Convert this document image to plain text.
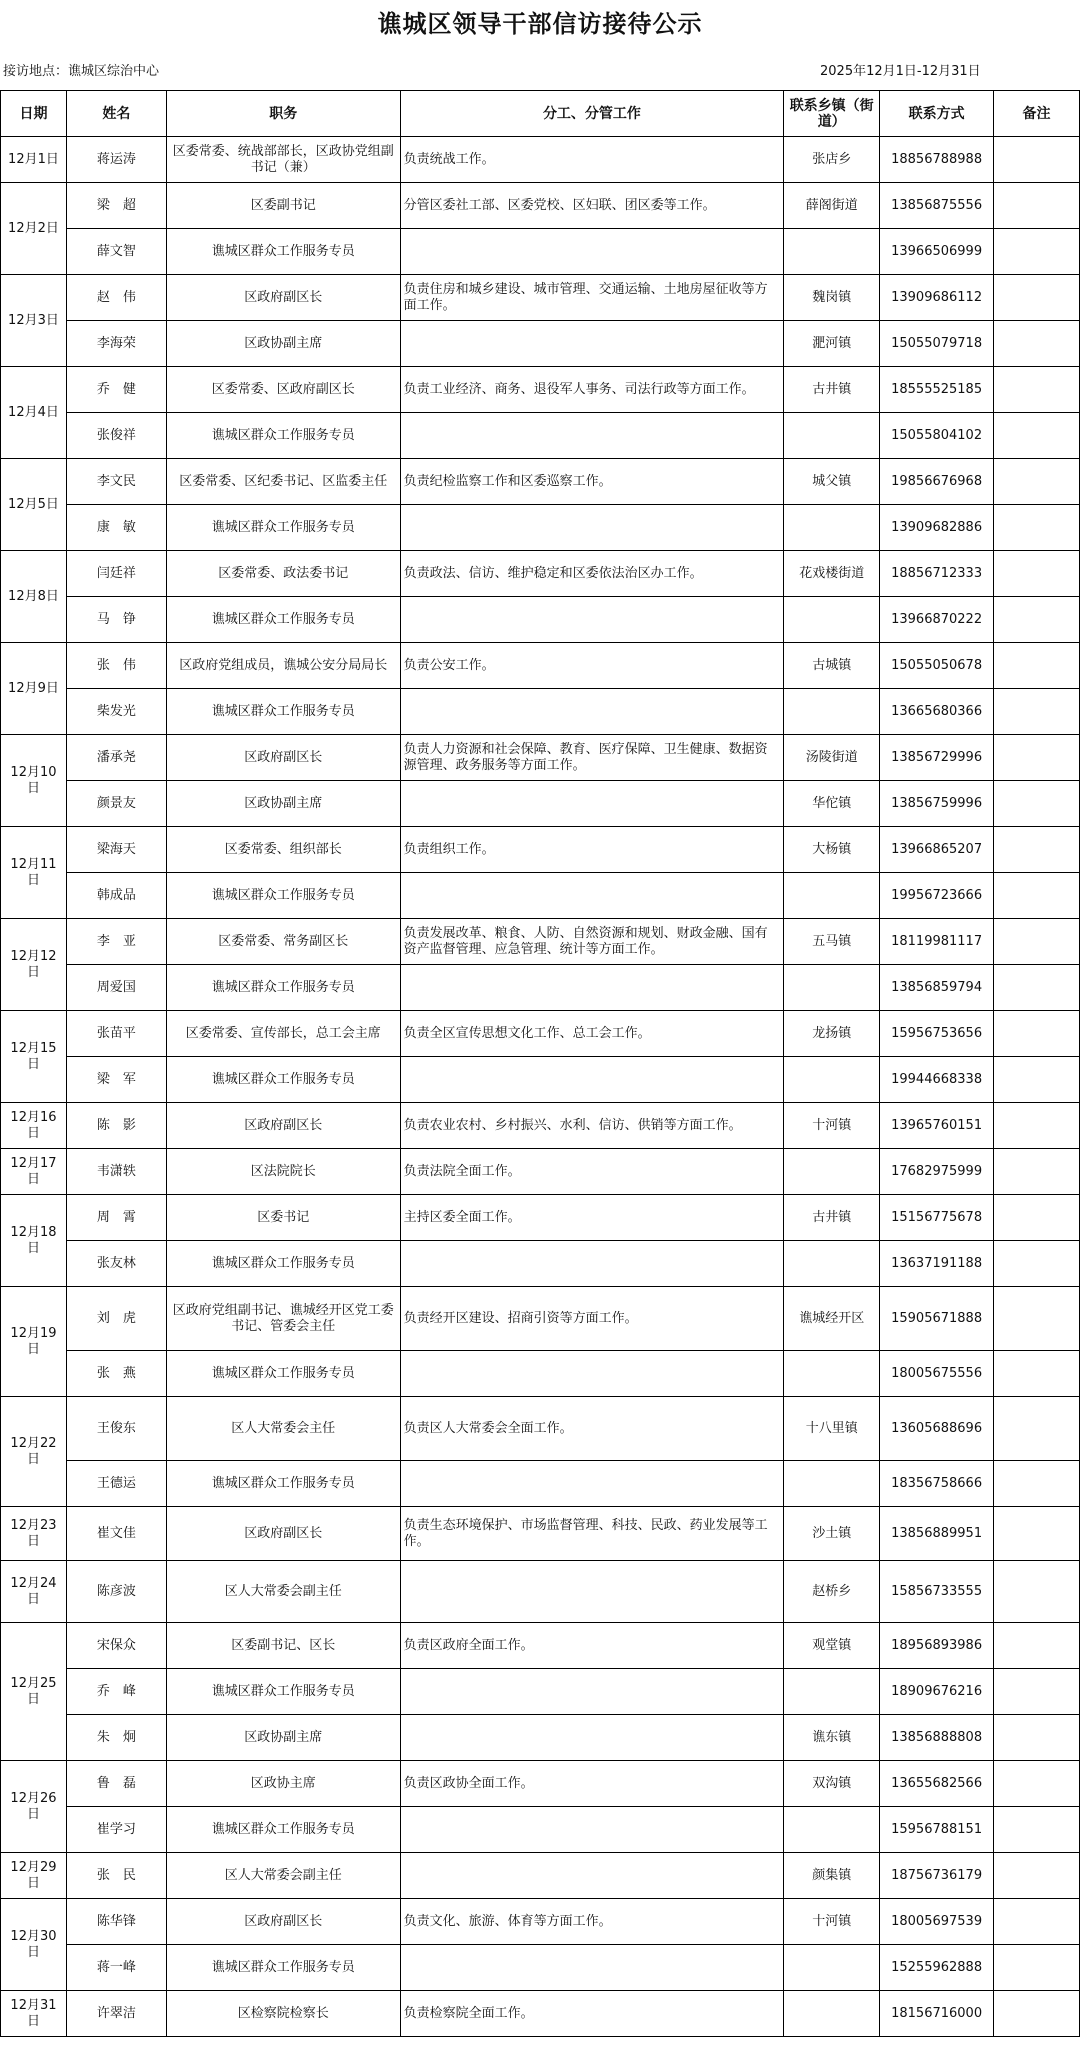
谯城区领导干部信访接待公示
接访地点：谯城区综治中心	2025年12月1日-12月31日
日期	姓名	职务	分工、分管工作	联系乡镇（街道）	联系方式	备注
12月1日	蒋运涛	区委常委、统战部部长，区政协党组副书记（兼）	负责统战工作。	张店乡	18856788988	
12月2日	梁　超	区委副书记	分管区委社工部、区委党校、区妇联、团区委等工作。	薛阁街道	13856875556	
	薛文智	谯城区群众工作服务专员			13966506999	
12月3日	赵　伟	区政府副区长	负责住房和城乡建设、城市管理、交通运输、土地房屋征收等方面工作。	魏岗镇	13909686112	
	李海荣	区政协副主席		淝河镇	15055079718	
12月4日	乔　健	区委常委、区政府副区长	负责工业经济、商务、退役军人事务、司法行政等方面工作。	古井镇	18555525185	
	张俊祥	谯城区群众工作服务专员			15055804102	
12月5日	李文民	区委常委、区纪委书记、区监委主任	负责纪检监察工作和区委巡察工作。	城父镇	19856676968	
	康　敏	谯城区群众工作服务专员			13909682886	
12月8日	闫廷祥	区委常委、政法委书记	负责政法、信访、维护稳定和区委依法治区办工作。	花戏楼街道	18856712333	
	马　铮	谯城区群众工作服务专员			13966870222	
12月9日	张　伟	区政府党组成员，谯城公安分局局长	负责公安工作。	古城镇	15055050678	
	柴发光	谯城区群众工作服务专员			13665680366	
12月10日	潘承尧	区政府副区长	负责人力资源和社会保障、教育、医疗保障、卫生健康、数据资源管理、政务服务等方面工作。	汤陵街道	13856729996	
	颜景友	区政协副主席		华佗镇	13856759996	
12月11日	梁海天	区委常委、组织部长	负责组织工作。	大杨镇	13966865207	
	韩成品	谯城区群众工作服务专员			19956723666	
12月12日	李　亚	区委常委、常务副区长	负责发展改革、粮食、人防、自然资源和规划、财政金融、国有资产监督管理、应急管理、统计等方面工作。	五马镇	18119981117	
	周爱国	谯城区群众工作服务专员			13856859794	
12月15日	张苗平	区委常委、宣传部长，总工会主席	负责全区宣传思想文化工作、总工会工作。	龙扬镇	15956753656	
	梁　军	谯城区群众工作服务专员			19944668338	
12月16日	陈　影	区政府副区长	负责农业农村、乡村振兴、水利、信访、供销等方面工作。	十河镇	13965760151	
12月17日	韦潇轶	区法院院长	负责法院全面工作。		17682975999	
12月18日	周　霄	区委书记	主持区委全面工作。	古井镇	15156775678	
	张友林	谯城区群众工作服务专员			13637191188	
12月19日	刘　虎	区政府党组副书记、谯城经开区党工委书记、管委会主任	负责经开区建设、招商引资等方面工作。	谯城经开区	15905671888	
	张　燕	谯城区群众工作服务专员			18005675556	
12月22日	王俊东	区人大常委会主任	负责区人大常委会全面工作。	十八里镇	13605688696	
	王德运	谯城区群众工作服务专员			18356758666	
12月23日	崔文佳	区政府副区长	负责生态环境保护、市场监督管理、科技、民政、药业发展等工作。	沙土镇	13856889951	
12月24日	陈彦波	区人大常委会副主任		赵桥乡	15856733555	
12月25日	宋保众	区委副书记、区长	负责区政府全面工作。	观堂镇	18956893986	
	乔　峰	谯城区群众工作服务专员			18909676216	
	朱　炯	区政协副主席		谯东镇	13856888808	
12月26日	鲁　磊	区政协主席	负责区政协全面工作。	双沟镇	13655682566	
	崔学习	谯城区群众工作服务专员			15956788151	
12月29日	张　民	区人大常委会副主任		颜集镇	18756736179	
12月30日	陈华锋	区政府副区长	负责文化、旅游、体育等方面工作。	十河镇	18005697539	
	蒋一峰	谯城区群众工作服务专员			15255962888	
12月31日	许翠洁	区检察院检察长	负责检察院全面工作。		18156716000	
